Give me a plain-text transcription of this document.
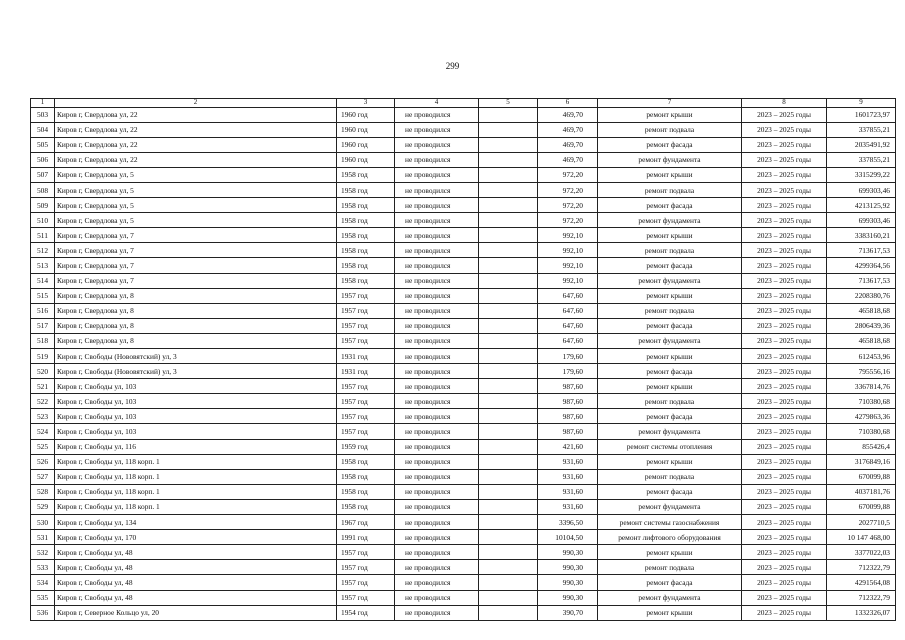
299
1	2	3	4	5	6	7	8	9
503	Киров г, Свердлова ул, 22	1960 год	не проводился		469,70	ремонт крыши	2023 – 2025 годы	1601723,97
504	Киров г, Свердлова ул, 22	1960 год	не проводился		469,70	ремонт подвала	2023 – 2025 годы	337855,21
505	Киров г, Свердлова ул, 22	1960 год	не проводился		469,70	ремонт фасада	2023 – 2025 годы	2035491,92
506	Киров г, Свердлова ул, 22	1960 год	не проводился		469,70	ремонт фундамента	2023 – 2025 годы	337855,21
507	Киров г, Свердлова ул, 5	1958 год	не проводился		972,20	ремонт крыши	2023 – 2025 годы	3315299,22
508	Киров г, Свердлова ул, 5	1958 год	не проводился		972,20	ремонт подвала	2023 – 2025 годы	699303,46
509	Киров г, Свердлова ул, 5	1958 год	не проводился		972,20	ремонт фасада	2023 – 2025 годы	4213125,92
510	Киров г, Свердлова ул, 5	1958 год	не проводился		972,20	ремонт фундамента	2023 – 2025 годы	699303,46
511	Киров г, Свердлова ул, 7	1958 год	не проводился		992,10	ремонт крыши	2023 – 2025 годы	3383160,21
512	Киров г, Свердлова ул, 7	1958 год	не проводился		992,10	ремонт подвала	2023 – 2025 годы	713617,53
513	Киров г, Свердлова ул, 7	1958 год	не проводился		992,10	ремонт фасада	2023 – 2025 годы	4299364,56
514	Киров г, Свердлова ул, 7	1958 год	не проводился		992,10	ремонт фундамента	2023 – 2025 годы	713617,53
515	Киров г, Свердлова ул, 8	1957 год	не проводился		647,60	ремонт крыши	2023 – 2025 годы	2208380,76
516	Киров г, Свердлова ул, 8	1957 год	не проводился		647,60	ремонт подвала	2023 – 2025 годы	465818,68
517	Киров г, Свердлова ул, 8	1957 год	не проводился		647,60	ремонт фасада	2023 – 2025 годы	2806439,36
518	Киров г, Свердлова ул, 8	1957 год	не проводился		647,60	ремонт фундамента	2023 – 2025 годы	465818,68
519	Киров г, Свободы (Нововятский) ул, 3	1931 год	не проводился		179,60	ремонт крыши	2023 – 2025 годы	612453,96
520	Киров г, Свободы (Нововятский) ул, 3	1931 год	не проводился		179,60	ремонт фасада	2023 – 2025 годы	795556,16
521	Киров г, Свободы ул, 103	1957 год	не проводился		987,60	ремонт крыши	2023 – 2025 годы	3367814,76
522	Киров г, Свободы ул, 103	1957 год	не проводился		987,60	ремонт подвала	2023 – 2025 годы	710380,68
523	Киров г, Свободы ул, 103	1957 год	не проводился		987,60	ремонт фасада	2023 – 2025 годы	4279863,36
524	Киров г, Свободы ул, 103	1957 год	не проводился		987,60	ремонт фундамента	2023 – 2025 годы	710380,68
525	Киров г, Свободы ул, 116	1959 год	не проводился		421,60	ремонт системы отопления	2023 – 2025 годы	855426,4
526	Киров г, Свободы ул, 118 корп. 1	1958 год	не проводился		931,60	ремонт крыши	2023 – 2025 годы	3176849,16
527	Киров г, Свободы ул, 118 корп. 1	1958 год	не проводился		931,60	ремонт подвала	2023 – 2025 годы	670099,88
528	Киров г, Свободы ул, 118 корп. 1	1958 год	не проводился		931,60	ремонт фасада	2023 – 2025 годы	4037181,76
529	Киров г, Свободы ул, 118 корп. 1	1958 год	не проводился		931,60	ремонт фундамента	2023 – 2025 годы	670099,88
530	Киров г, Свободы ул, 134	1967 год	не проводился		3396,50	ремонт системы газоснабжения	2023 – 2025 годы	2027710,5
531	Киров г, Свободы ул, 170	1991 год	не проводился		10104,50	ремонт лифтового оборудования	2023 – 2025 годы	10 147 468,00
532	Киров г, Свободы ул, 48	1957 год	не проводился		990,30	ремонт крыши	2023 – 2025 годы	3377022,03
533	Киров г, Свободы ул, 48	1957 год	не проводился		990,30	ремонт подвала	2023 – 2025 годы	712322,79
534	Киров г, Свободы ул, 48	1957 год	не проводился		990,30	ремонт фасада	2023 – 2025 годы	4291564,08
535	Киров г, Свободы ул, 48	1957 год	не проводился		990,30	ремонт фундамента	2023 – 2025 годы	712322,79
536	Киров г, Северное Кольцо ул, 20	1954 год	не проводился		390,70	ремонт крыши	2023 – 2025 годы	1332326,07
